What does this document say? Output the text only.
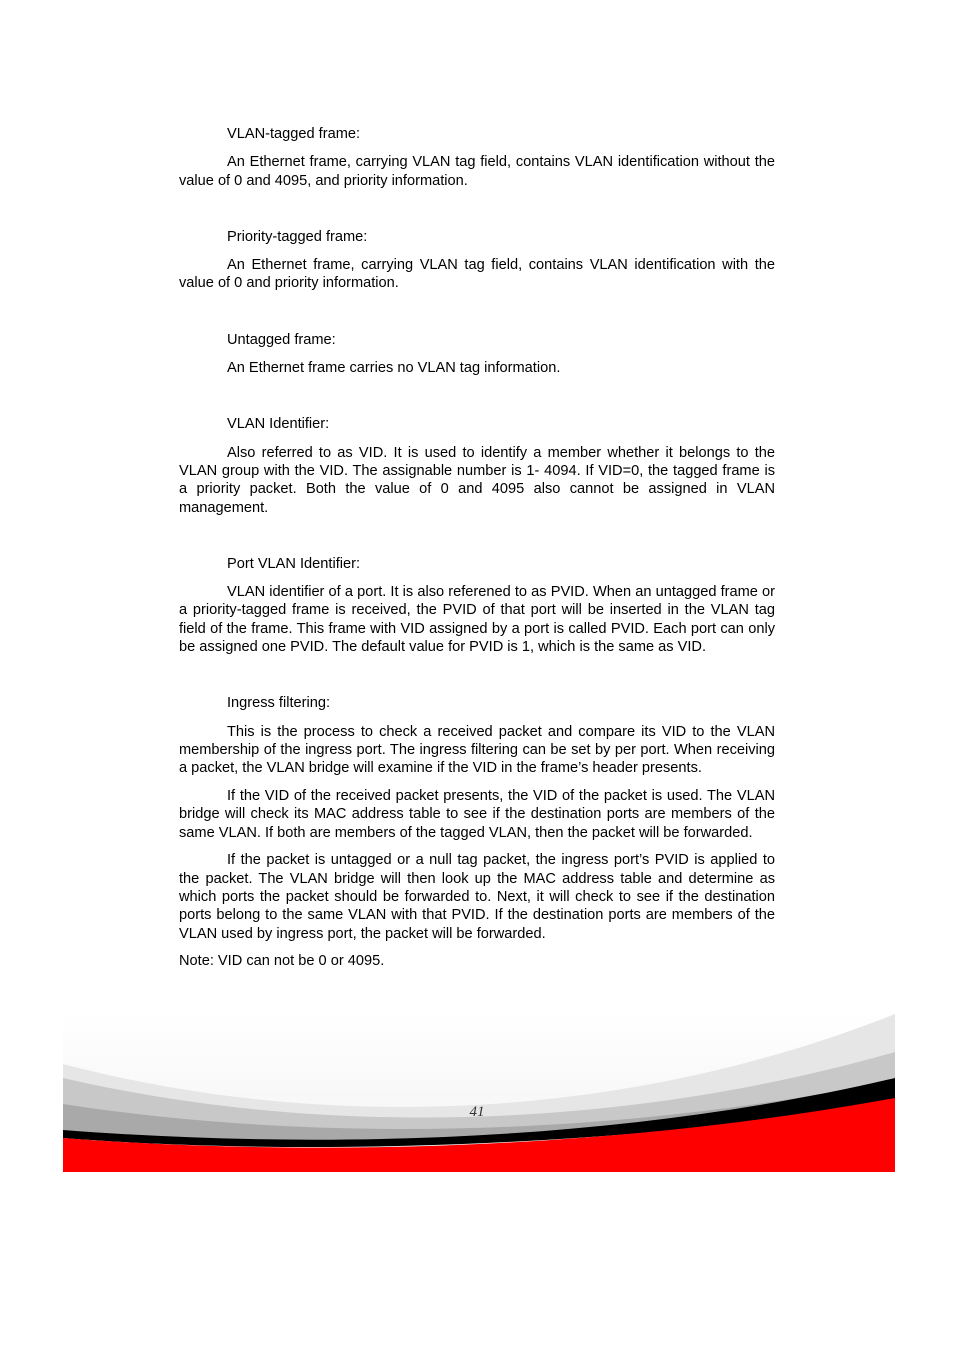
VLAN-tagged frame:

An Ethernet frame, carrying VLAN tag field, contains VLAN identification without the value of 0 and 4095, and priority information.

Priority-tagged frame:

An Ethernet frame, carrying VLAN tag field, contains VLAN identification with the value of 0 and priority information.

Untagged frame:

An Ethernet frame carries no VLAN tag information.

VLAN Identifier:

Also referred to as VID. It is used to identify a member whether it belongs to the VLAN group with the VID. The assignable number is 1- 4094. If VID=0, the tagged frame is a priority packet. Both the value of 0 and 4095 also cannot be assigned in VLAN management.

Port VLAN Identifier:

VLAN identifier of a port. It is also referened to as PVID. When an untagged frame or a priority-tagged frame is received, the PVID of that port will be inserted in the VLAN tag field of the frame. This frame with VID assigned by a port is called PVID. Each port can only be assigned one PVID. The default value for PVID is 1, which is the same as VID.

Ingress filtering:

This is the process to check a received packet and compare its VID to the VLAN membership of the ingress port. The ingress filtering can be set by per port. When receiving a packet, the VLAN bridge will examine if the VID in the frame’s header presents.

If the VID of the received packet presents, the VID of the packet is used. The VLAN bridge will check its MAC address table to see if the destination ports are members of the same VLAN. If both are members of the tagged VLAN, then the packet will be forwarded.

If the packet is untagged or a null tag packet, the ingress port’s PVID is applied to the packet. The VLAN bridge will then look up the MAC address table and determine as which ports the packet should be forwarded to. Next, it will check to see if the destination ports belong to the same VLAN with that PVID. If the destination ports are members of the VLAN used by ingress port, the packet will be forwarded.

Note: VID can not be 0 or 4095.

41
